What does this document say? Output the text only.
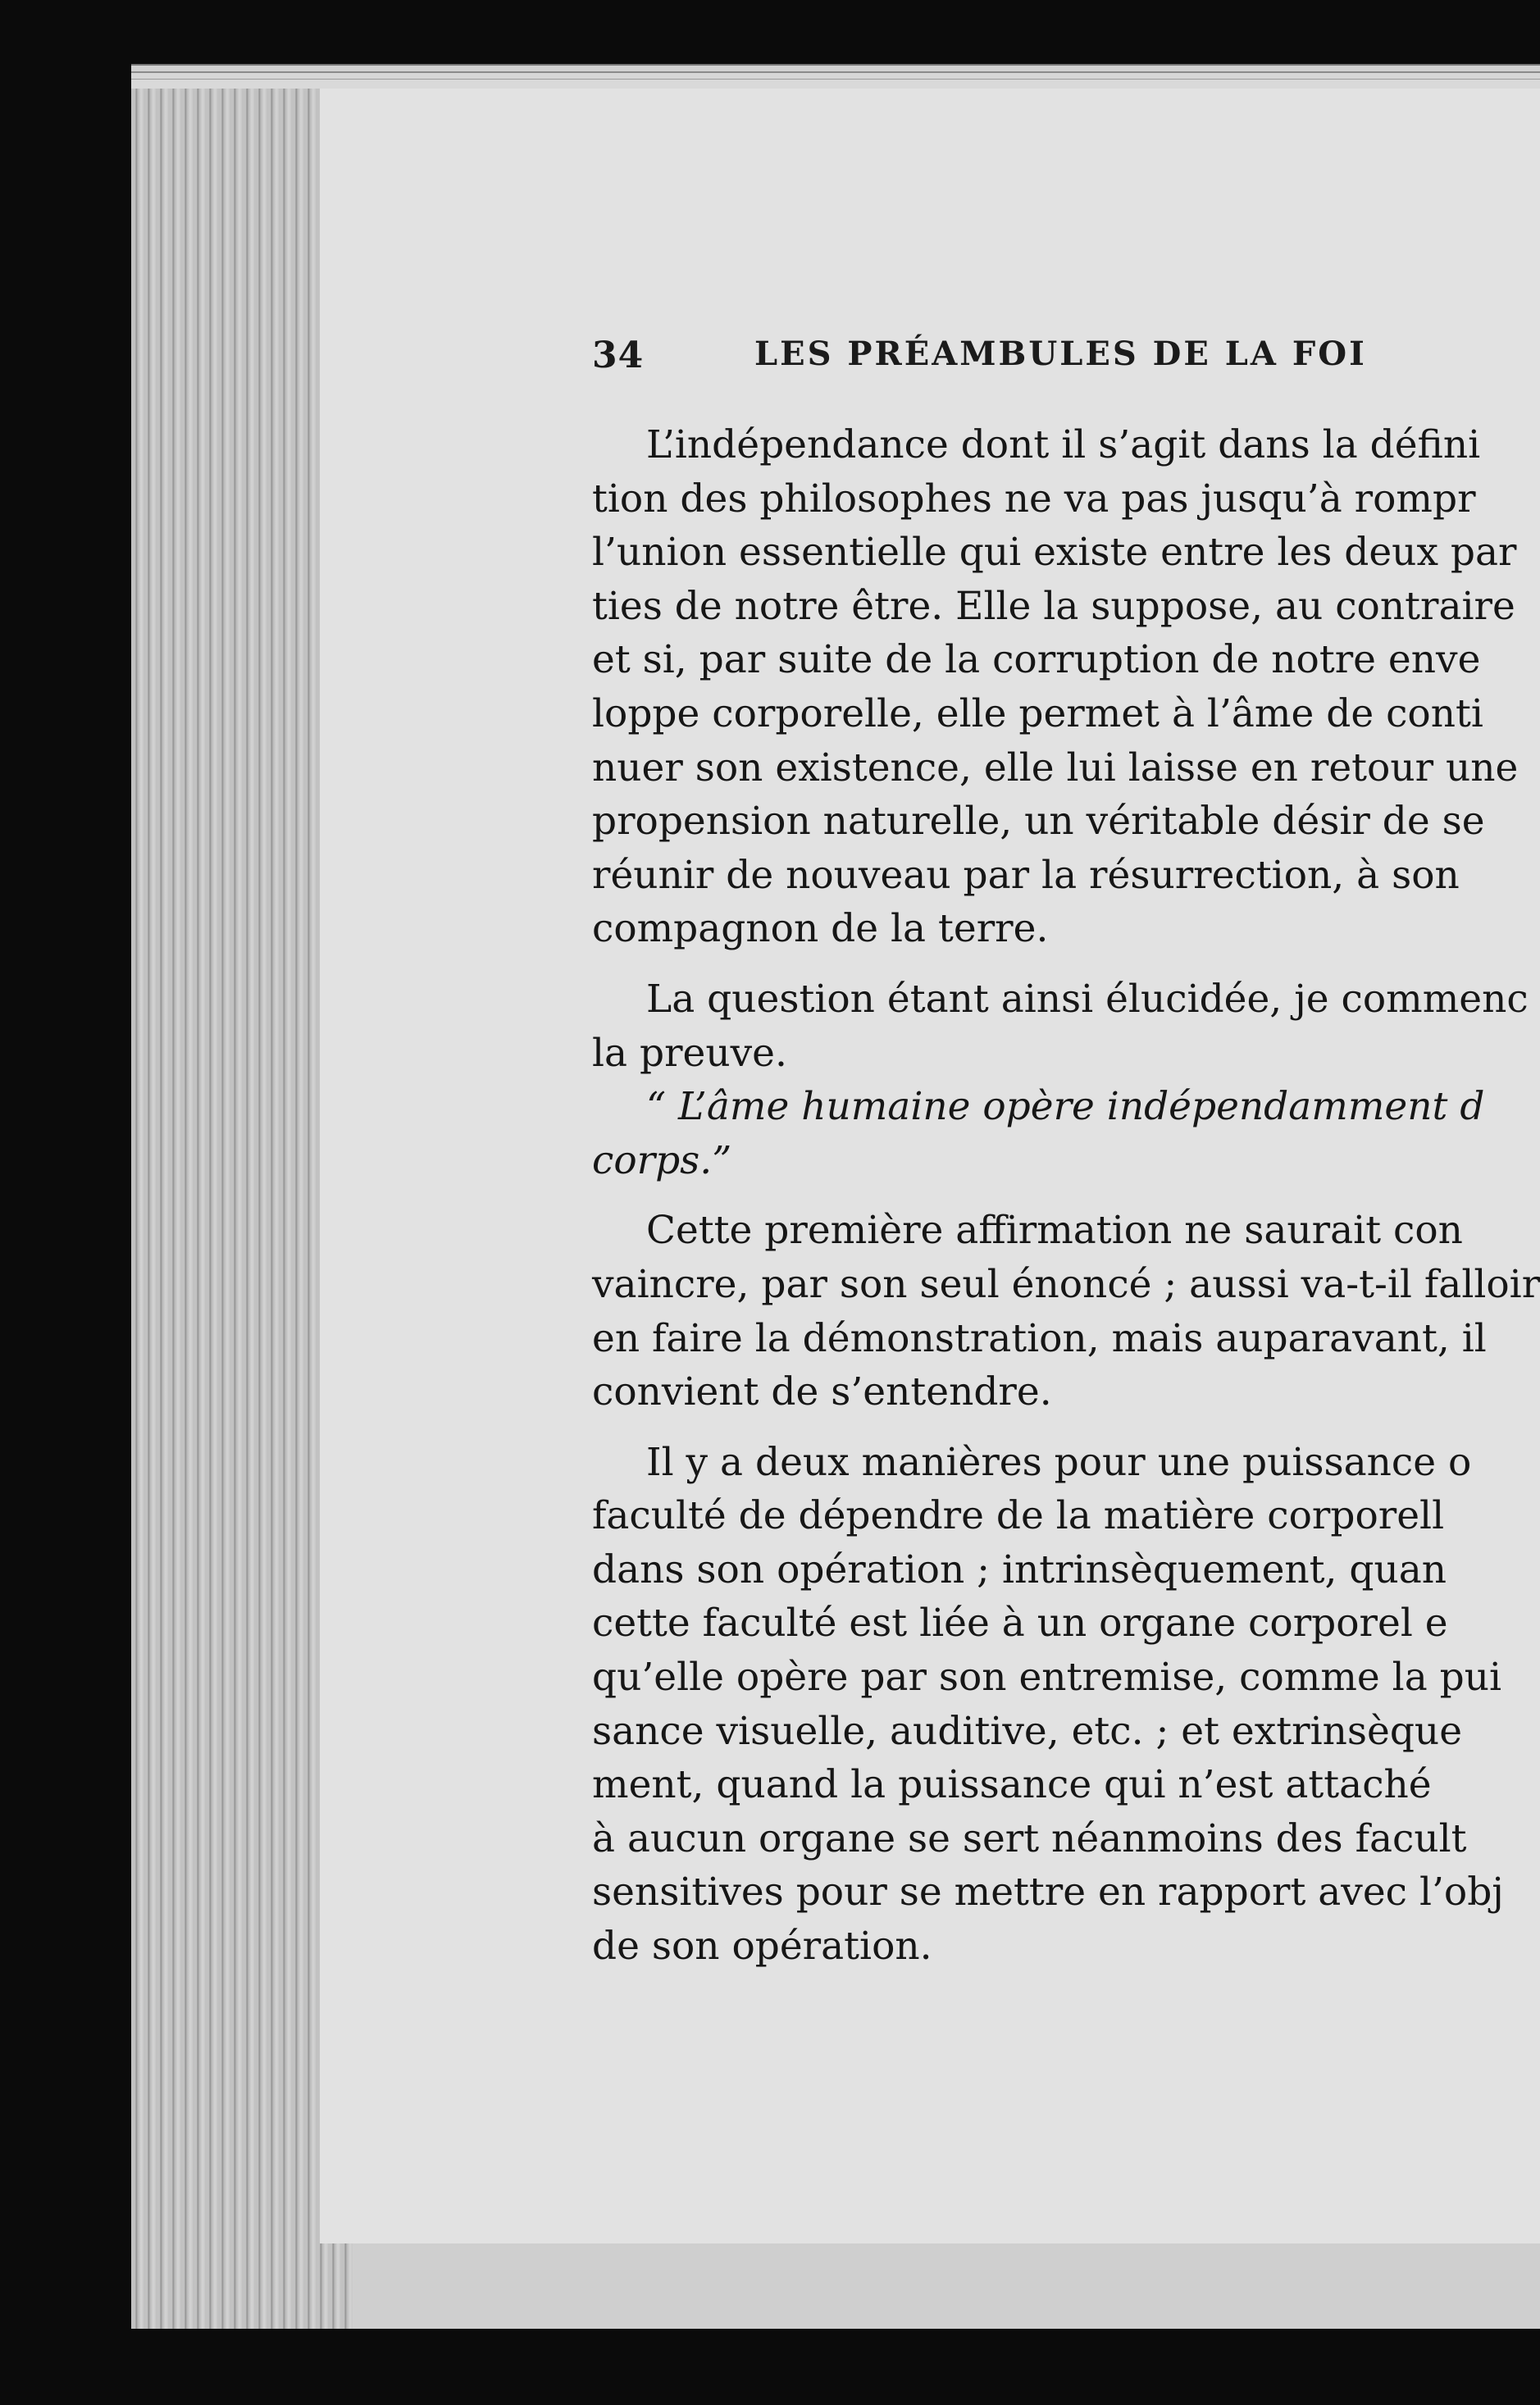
34	LES PRÉAMBULES DE LA FOI

L’indépendance dont il s’agit dans la défini

tion des philosophes ne va pas jusqu’à rompr

l’union essentielle qui existe entre les deux par

ties de notre être. Elle la suppose, au contraire

et si, par suite de la corruption de notre enve

loppe corporelle, elle permet à l’âme de conti

nuer son existence, elle lui laisse en retour une

propension naturelle, un véritable désir de se

réunir de nouveau par la résurrection, à son

compagnon de la terre.

La question étant ainsi élucidée, je commenc

la preuve.

“ L’âme humaine opère indépendamment d

corps.”

Cette première affirmation ne saurait con

vaincre, par son seul énoncé ; aussi va-t-il falloir

en faire la démonstration, mais auparavant, il

convient de s’entendre.

Il y a deux manières pour une puissance o

faculté de dépendre de la matière corporell

dans son opération ; intrinsèquement, quan

cette faculté est liée à un organe corporel e

qu’elle opère par son entremise, comme la pui

sance visuelle, auditive, etc. ; et extrinsèque

ment, quand la puissance qui n’est attaché

à aucun organe se sert néanmoins des facult

sensitives pour se mettre en rapport avec l’obj

de son opération.
